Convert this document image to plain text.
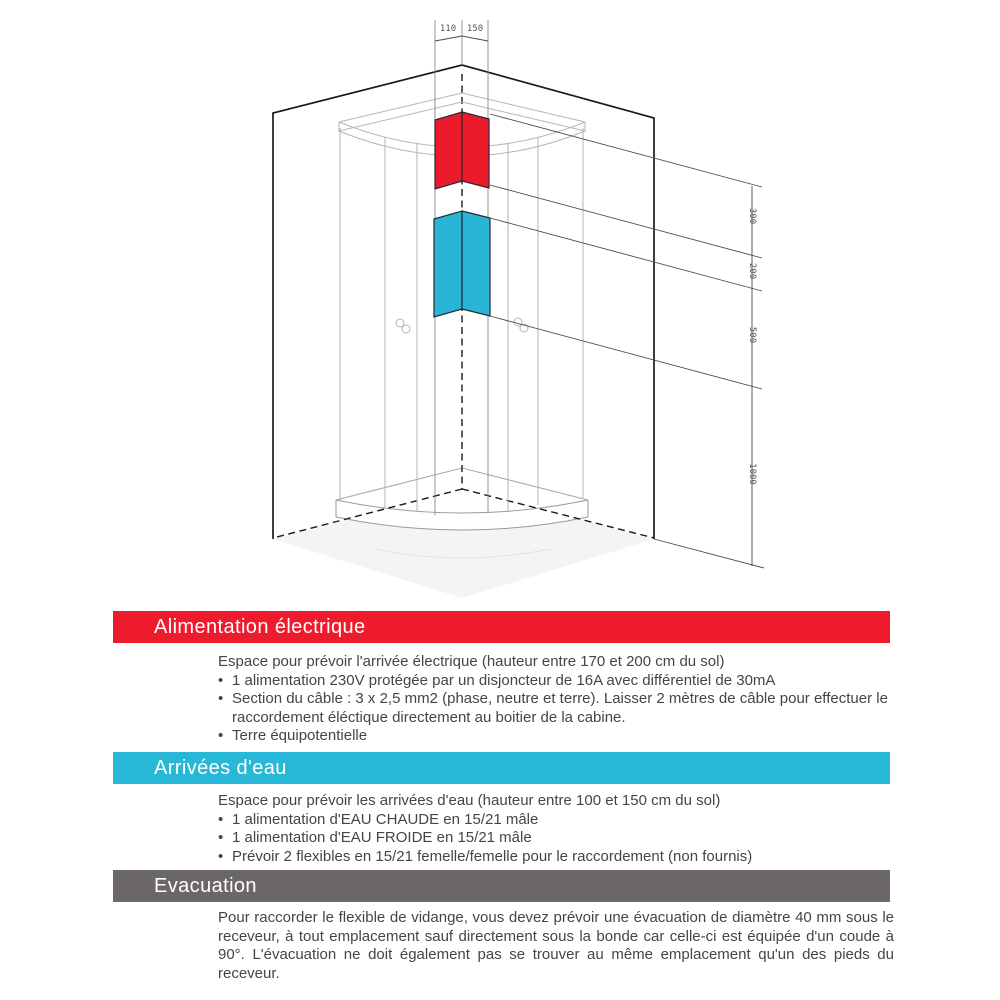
300
200
500
1000
110 150
Alimentation électrique
Espace pour prévoir l'arrivée électrique (hauteur entre 170 et 200 cm du sol)
• 1 alimentation 230V protégée par un disjoncteur de 16A avec différentiel de 30mA
• Section du câble : 3 x 2,5 mm2 (phase, neutre et terre). Laisser 2 mètres de câble pour effectuer le raccordement éléctique directement au boitier de la cabine.
• Terre équipotentielle
Arrivées d'eau
Espace pour prévoir les arrivées d'eau (hauteur entre 100 et 150 cm du sol)
• 1 alimentation d'EAU CHAUDE en 15/21 mâle
• 1 alimentation d'EAU FROIDE en 15/21 mâle
• Prévoir 2 flexibles en 15/21 femelle/femelle pour le raccordement (non fournis)
Evacuation
Pour raccorder le flexible de vidange, vous devez prévoir une évacuation de diamètre 40 mm sous le receveur, à tout emplacement sauf directement sous la bonde car celle-ci est équipée d'un coude à 90°. L'évacuation ne doit également pas se trouver au même emplacement qu'un des pieds du receveur.
